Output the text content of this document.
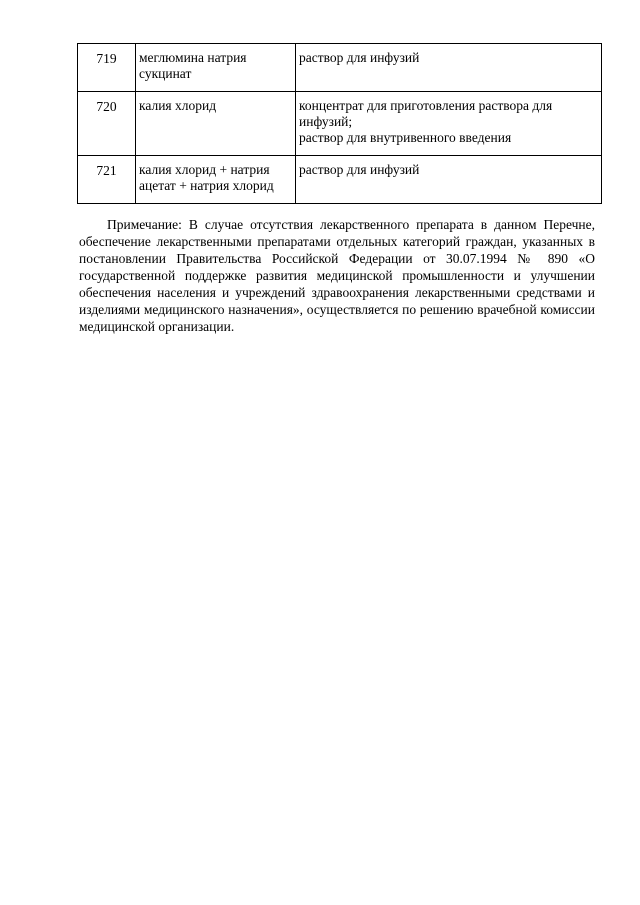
719	меглюмина натрия сукцинат	раствор для инфузий

720	калия хлорид	концентрат для приготовления раствора для инфузий;
раствор для внутривенного введения

721	калия хлорид + натрия ацетат + натрия хлорид	раствор для инфузий

Примечание: В случае отсутствия лекарственного препарата в данном Перечне, обеспечение лекарственными препаратами отдельных категорий граждан, указанных в постановлении Правительства Российской Федерации от 30.07.1994 № 890 «О государственной поддержке развития медицинской промышленности и улучшении обеспечения населения и учреждений здравоохранения лекарственными средствами и изделиями медицинского назначения», осуществляется по решению врачебной комиссии медицинской организации.
